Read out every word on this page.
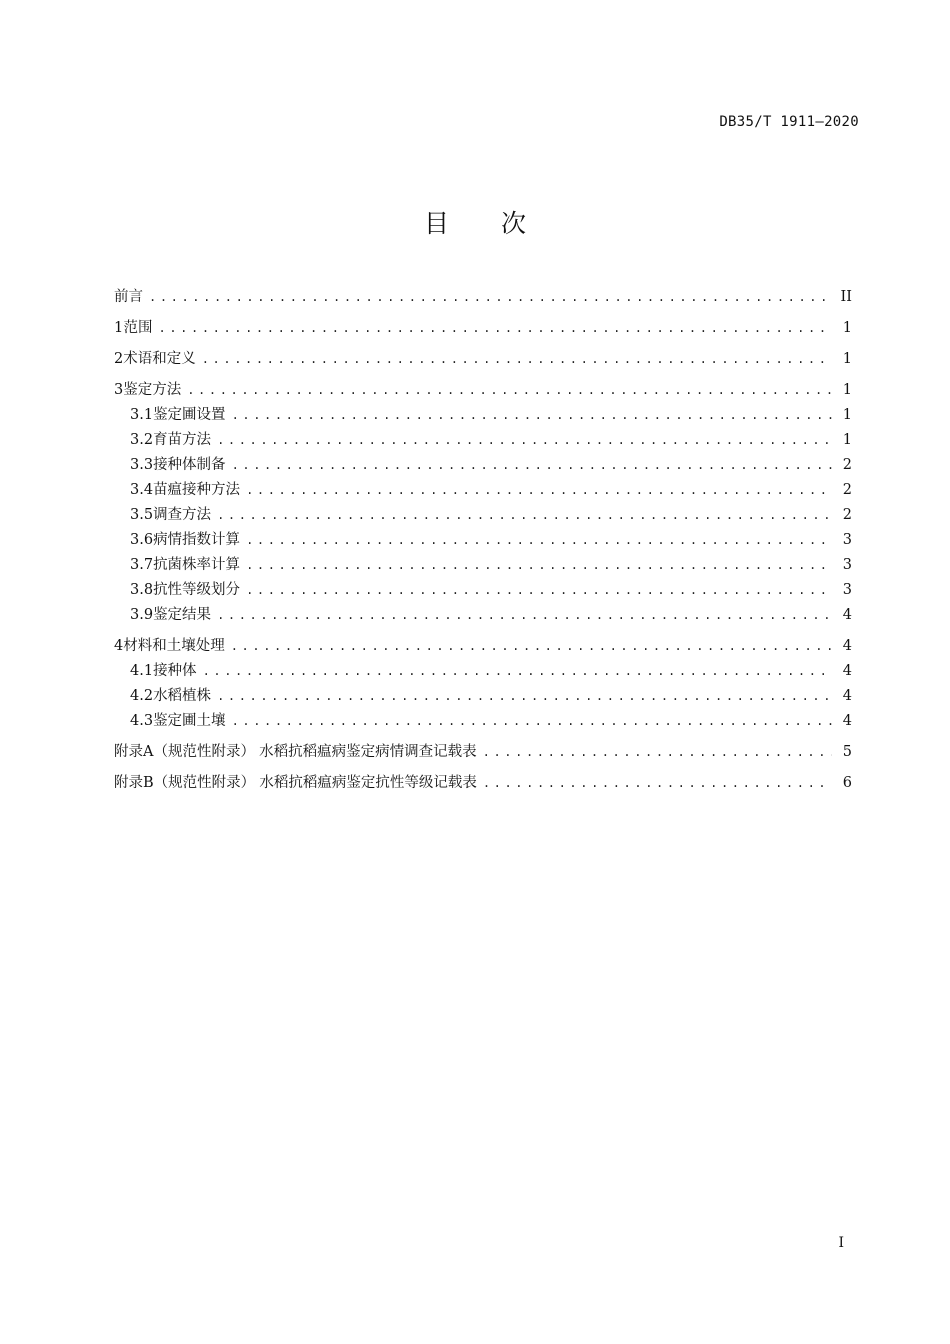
DB35/T 1911—2020
目 次
前言 .....	II
1 范围 .....	1
2 术语和定义 .....	1
3 鉴定方法 .....	1
3.1 鉴定圃设置 .....	1
3.2 育苗方法 .....	1
3.3 接种体制备 .....	2
3.4 苗瘟接种方法 .....	2
3.5 调查方法 .....	2
3.6 病情指数计算 .....	3
3.7 抗菌株率计算 .....	3
3.8 抗性等级划分 .....	3
3.9 鉴定结果 .....	4
4 材料和土壤处理 .....	4
4.1 接种体 .....	4
4.2 水稻植株 .....	4
4.3 鉴定圃土壤 .....	4
附录A（规范性附录） 水稻抗稻瘟病鉴定病情调查记载表 .....	5
附录B（规范性附录） 水稻抗稻瘟病鉴定抗性等级记载表 .....	6
I
